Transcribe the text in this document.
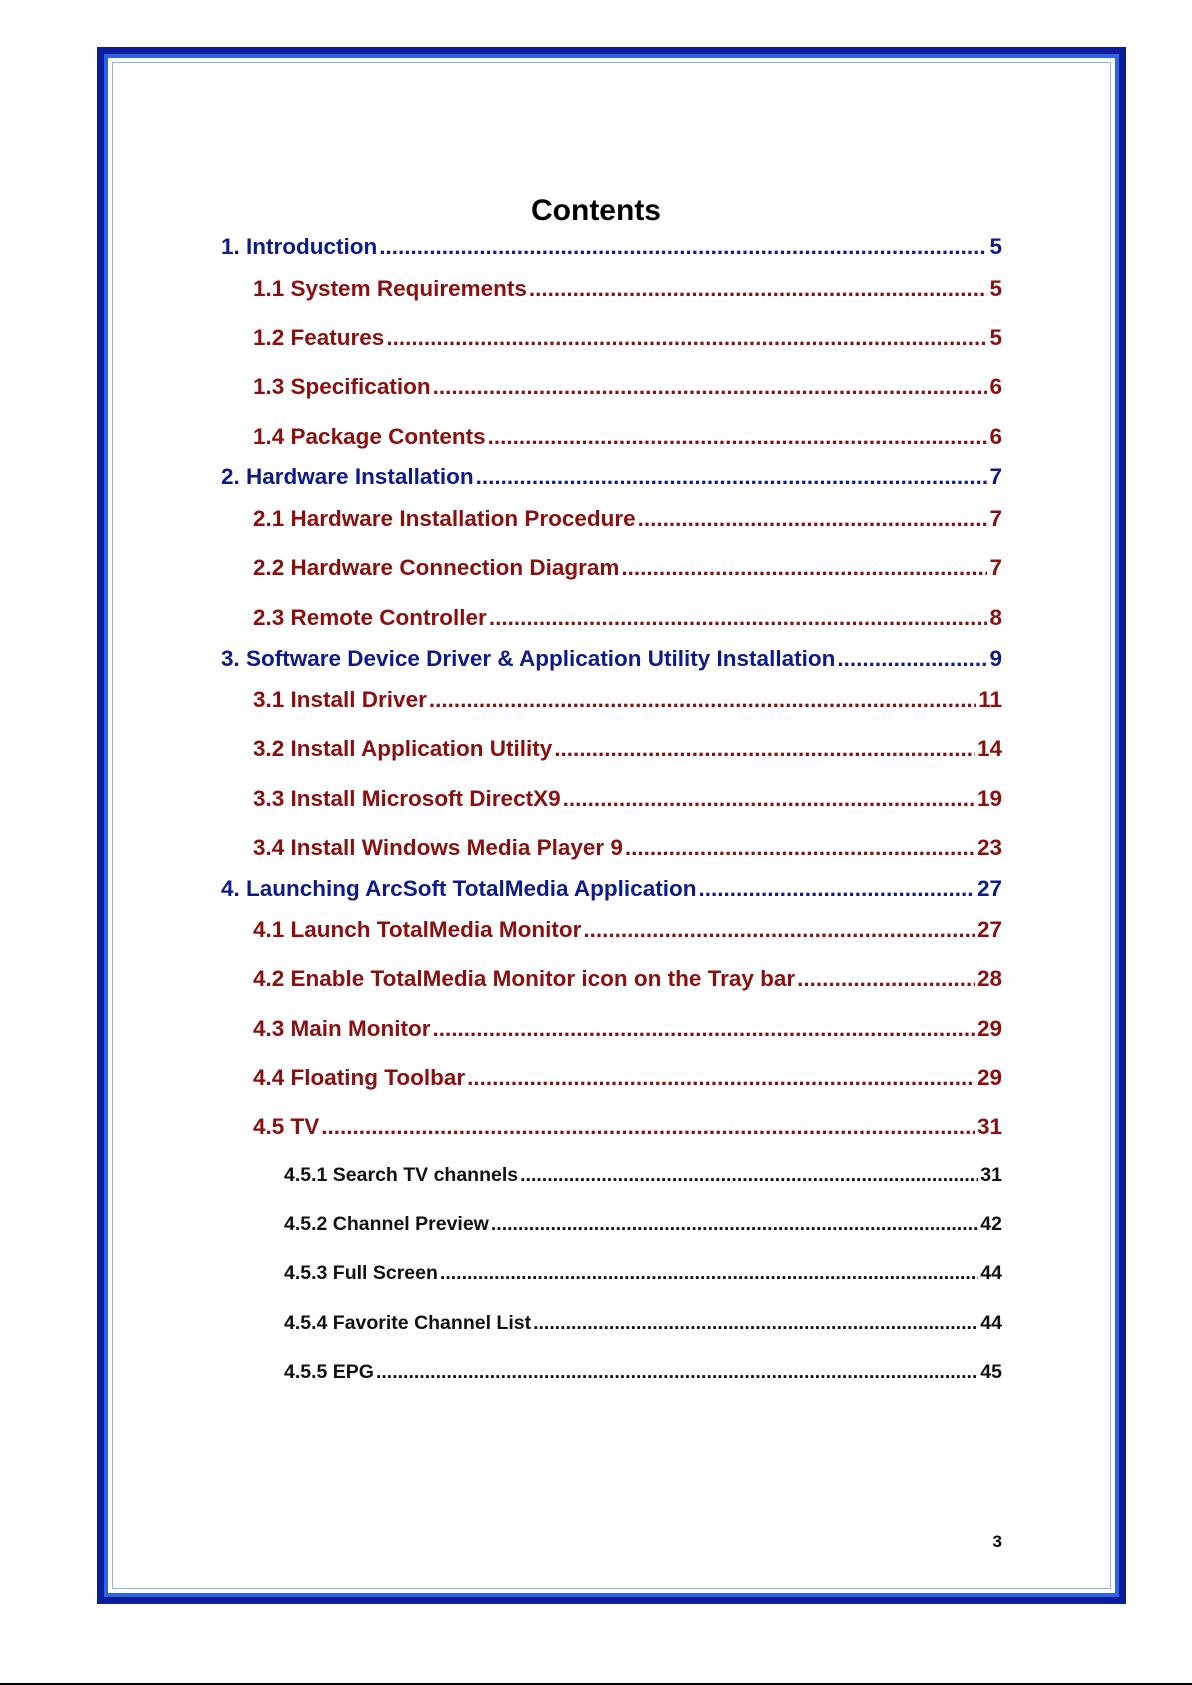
Contents
1. Introduction .....	5
1.1 System Requirements .....	5
1.2 Features .....	5
1.3 Specification .....	6
1.4 Package Contents .....	6
2. Hardware Installation .....	7
2.1 Hardware Installation Procedure .....	7
2.2 Hardware Connection Diagram .....	7
2.3 Remote Controller .....	8
3. Software Device Driver & Application Utility Installation .....	9
3.1 Install Driver .....	11
3.2 Install Application Utility .....	14
3.3 Install Microsoft DirectX9 .....	19
3.4 Install Windows Media Player 9 .....	23
4. Launching ArcSoft TotalMedia Application .....	27
4.1 Launch TotalMedia Monitor .....	27
4.2 Enable TotalMedia Monitor icon on the Tray bar .....	28
4.3 Main Monitor .....	29
4.4 Floating Toolbar .....	29
4.5 TV .....	31
4.5.1 Search TV channels .....	31
4.5.2 Channel Preview .....	42
4.5.3 Full Screen .....	44
4.5.4 Favorite Channel List .....	44
4.5.5 EPG .....	45
3
